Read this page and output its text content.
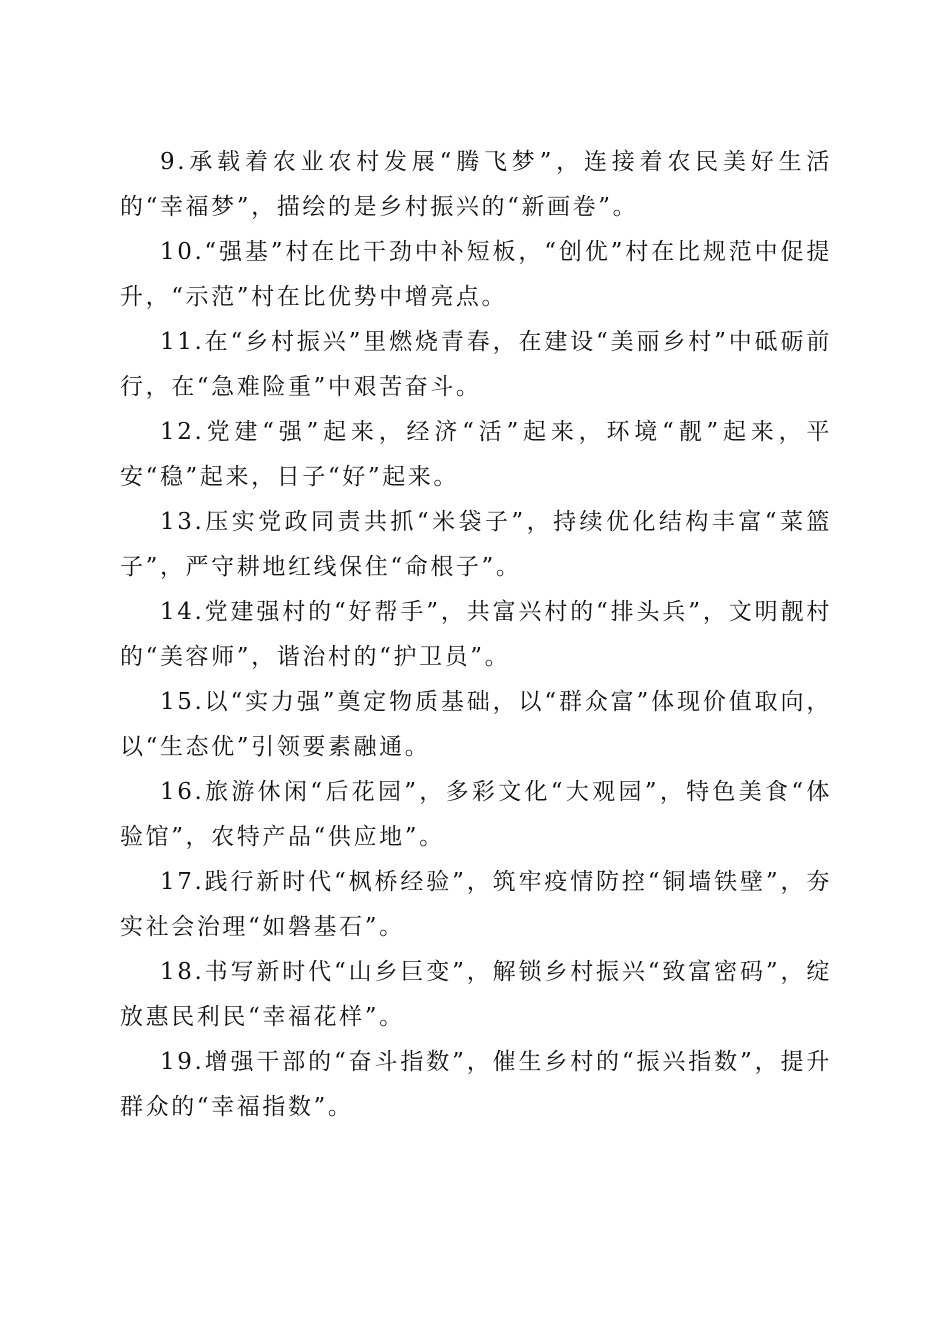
9.承载着农业农村发展“腾飞梦”，连接着农民美好生活的“幸福梦”，描绘的是乡村振兴的“新画卷”。

10.“强基”村在比干劲中补短板，“创优”村在比规范中促提升，“示范”村在比优势中增亮点。

11.在“乡村振兴”里燃烧青春，在建设“美丽乡村”中砥砺前行，在“急难险重”中艰苦奋斗。

12.党建“强”起来，经济“活”起来，环境“靓”起来，平安“稳”起来，日子“好”起来。

13.压实党政同责共抓“米袋子”，持续优化结构丰富“菜篮子”，严守耕地红线保住“命根子”。

14.党建强村的“好帮手”，共富兴村的“排头兵”，文明靓村的“美容师”，谐治村的“护卫员”。

15.以“实力强”奠定物质基础，以“群众富”体现价值取向，以“生态优”引领要素融通。

16.旅游休闲“后花园”，多彩文化“大观园”，特色美食“体验馆”，农特产品“供应地”。

17.践行新时代“枫桥经验”，筑牢疫情防控“铜墙铁壁”，夯实社会治理“如磐基石”。

18.书写新时代“山乡巨变”，解锁乡村振兴“致富密码”，绽放惠民利民“幸福花样”。

19.增强干部的“奋斗指数”，催生乡村的“振兴指数”，提升群众的“幸福指数”。
